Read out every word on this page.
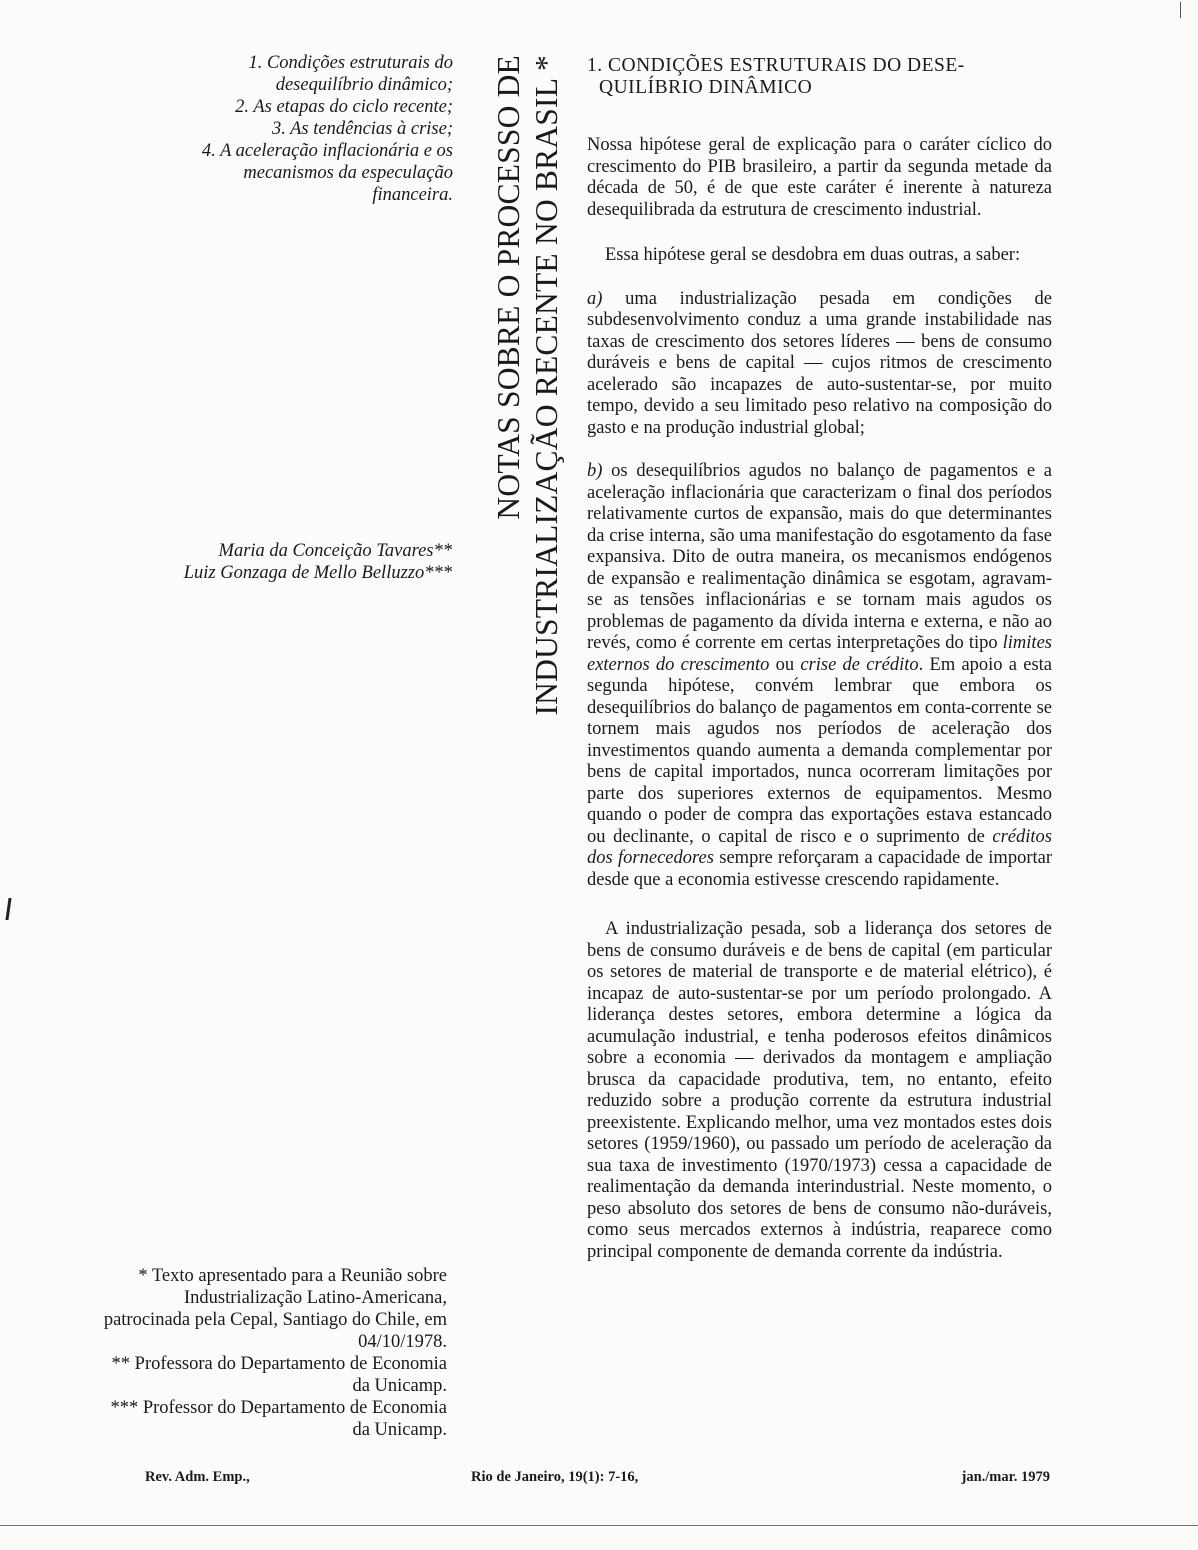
1. Condições estruturais do
desequilíbrio dinâmico;
2. As etapas do ciclo recente;
3. As tendências à crise;
4. A aceleração inflacionária e os
mecanismos da especulação
financeira.
Maria da Conceição Tavares**
Luiz Gonzaga de Mello Belluzzo***
NOTAS SOBRE O PROCESSO DE INDUSTRIALIZAÇÃO RECENTE NO BRASIL * 1. CONDIÇÕES ESTRUTURAIS DO DESE-
QUILÍBRIO DINÂMICO

Nossa hipótese geral de explicação para o caráter cíclico do crescimento do PIB brasileiro, a partir da segunda metade da década de 50, é de que este caráter é inerente à natureza desequilibrada da estrutura de crescimento industrial.

Essa hipótese geral se desdobra em duas outras, a saber:

a) uma industrialização pesada em condições de subdesenvolvimento conduz a uma grande instabilidade nas taxas de crescimento dos setores líderes — bens de consumo duráveis e bens de capital — cujos ritmos de crescimento acelerado são incapazes de auto-sustentar-se, por muito tempo, devido a seu limitado peso relativo na composição do gasto e na produção industrial global;

b) os desequilíbrios agudos no balanço de pagamentos e a aceleração inflacionária que caracterizam o final dos períodos relativamente curtos de expansão, mais do que determinantes da crise interna, são uma manifestação do esgotamento da fase expansiva. Dito de outra maneira, os mecanismos endógenos de expansão e realimentação dinâmica se esgotam, agravam-se as tensões inflacionárias e se tornam mais agudos os problemas de pagamento da dívida interna e externa, e não ao revés, como é corrente em certas interpretações do tipo limites externos do crescimento ou crise de crédito. Em apoio a esta segunda hipótese, convém lembrar que embora os desequilíbrios do balanço de pagamentos em conta-corrente se tornem mais agudos nos períodos de aceleração dos investimentos quando aumenta a demanda complementar por bens de capital importados, nunca ocorreram limitações por parte dos superiores externos de equipamentos. Mesmo quando o poder de compra das exportações estava estancado ou declinante, o capital de risco e o suprimento de créditos dos fornecedores sempre reforçaram a capacidade de importar desde que a economia estivesse crescendo rapidamente.

A industrialização pesada, sob a liderança dos setores de bens de consumo duráveis e de bens de capital (em particular os setores de material de transporte e de material elétrico), é incapaz de auto-sustentar-se por um período prolongado. A liderança destes setores, embora determine a lógica da acumulação industrial, e tenha poderosos efeitos dinâmicos sobre a economia — derivados da montagem e ampliação brusca da capacidade produtiva, tem, no entanto, efeito reduzido sobre a produção corrente da estrutura industrial preexistente. Explicando melhor, uma vez montados estes dois setores (1959/1960), ou passado um período de aceleração da sua taxa de investimento (1970/1973) cessa a capacidade de realimentação da demanda interindustrial. Neste momento, o peso absoluto dos setores de bens de consumo não-duráveis, como seus mercados externos à indústria, reaparece como principal componente de demanda corrente da indústria.

* Texto apresentado para a Reunião sobre Industrialização Latino-Americana, patrocinada pela Cepal, Santiago do Chile, em 04/10/1978.

** Professora do Departamento de Economia da Unicamp.

*** Professor do Departamento de Economia da Unicamp.

Rev. Adm. Emp.,	Rio de Janeiro, 19(1): 7-16,	jan./mar. 1979
